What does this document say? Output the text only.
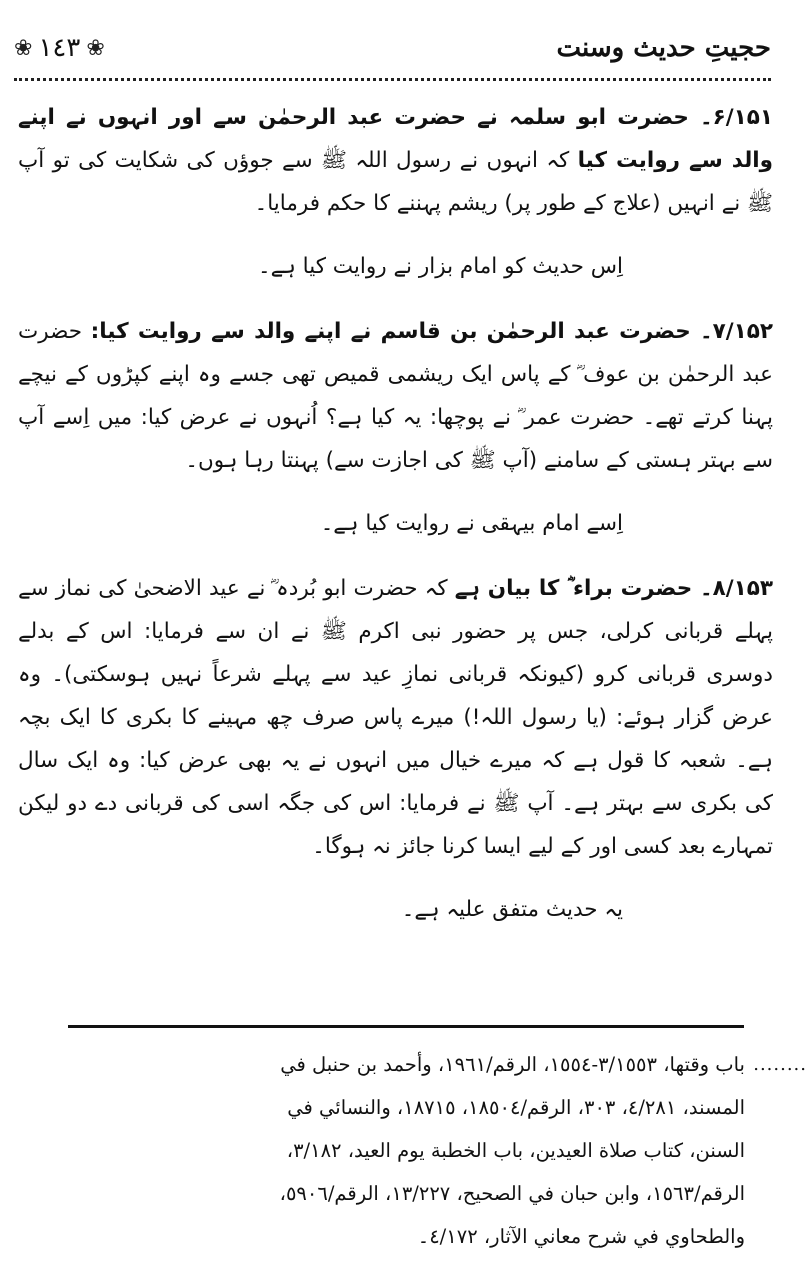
❀ ١٤٣ ❀	حجیتِ حدیث وسنت

۶/۱۵۱۔ حضرت ابو سلمہ نے حضرت عبد الرحمٰن سے اور انہوں نے اپنے والد سے روایت کیا کہ انہوں نے رسول اللہ ﷺ سے جوؤں کی شکایت کی تو آپ ﷺ نے انہیں (علاج کے طور پر) ریشم پہننے کا حکم فرمایا۔

اِس حدیث کو امام بزار نے روایت کیا ہے۔

۷/۱۵۲۔ حضرت عبد الرحمٰن بن قاسم نے اپنے والد سے روایت کیا: حضرت عبد الرحمٰن بن عوف ؓ کے پاس ایک ریشمی قمیص تھی جسے وہ اپنے کپڑوں کے نیچے پہنا کرتے تھے۔ حضرت عمر ؓ نے پوچھا: یہ کیا ہے؟ اُنہوں نے عرض کیا: میں اِسے آپ سے بہتر ہستی کے سامنے (آپ ﷺ کی اجازت سے) پہنتا رہا ہوں۔

اِسے امام بیہقی نے روایت کیا ہے۔

۸/۱۵۳۔ حضرت براء ؓ کا بیان ہے کہ حضرت ابو بُردہ ؓ نے عید الاضحیٰ کی نماز سے پہلے قربانی کرلی، جس پر حضور نبی اکرم ﷺ نے ان سے فرمایا: اس کے بدلے دوسری قربانی کرو (کیونکہ قربانی نمازِ عید سے پہلے شرعاً نہیں ہوسکتی)۔ وہ عرض گزار ہوئے: (یا رسول اللہ!) میرے پاس صرف چھ مہینے کا بکری کا ایک بچہ ہے۔ شعبہ کا قول ہے کہ میرے خیال میں انہوں نے یہ بھی عرض کیا: وہ ایک سال کی بکری سے بہتر ہے۔ آپ ﷺ نے فرمایا: اس کی جگہ اسی کی قربانی دے دو لیکن تمہارے بعد کسی اور کے لیے ایسا کرنا جائز نہ ہوگا۔

یہ حدیث متفق علیہ ہے۔

........

باب وقتها، ٣/١٥٥٣-١٥٥٤، الرقم/١٩٦١، وأحمد بن حنبل في

المسند، ٤/٢٨١، ٣٠٣، الرقم/١٨٥٠٤، ١٨٧١٥، والنسائي في

السنن، كتاب صلاة العيدين، باب الخطبة يوم العيد، ٣/١٨٢،

الرقم/١٥٦٣، وابن حبان في الصحيح، ١٣/٢٢٧، الرقم/٥٩٠٦،

والطحاوي في شرح معاني الآثار، ٤/١٧٢۔
